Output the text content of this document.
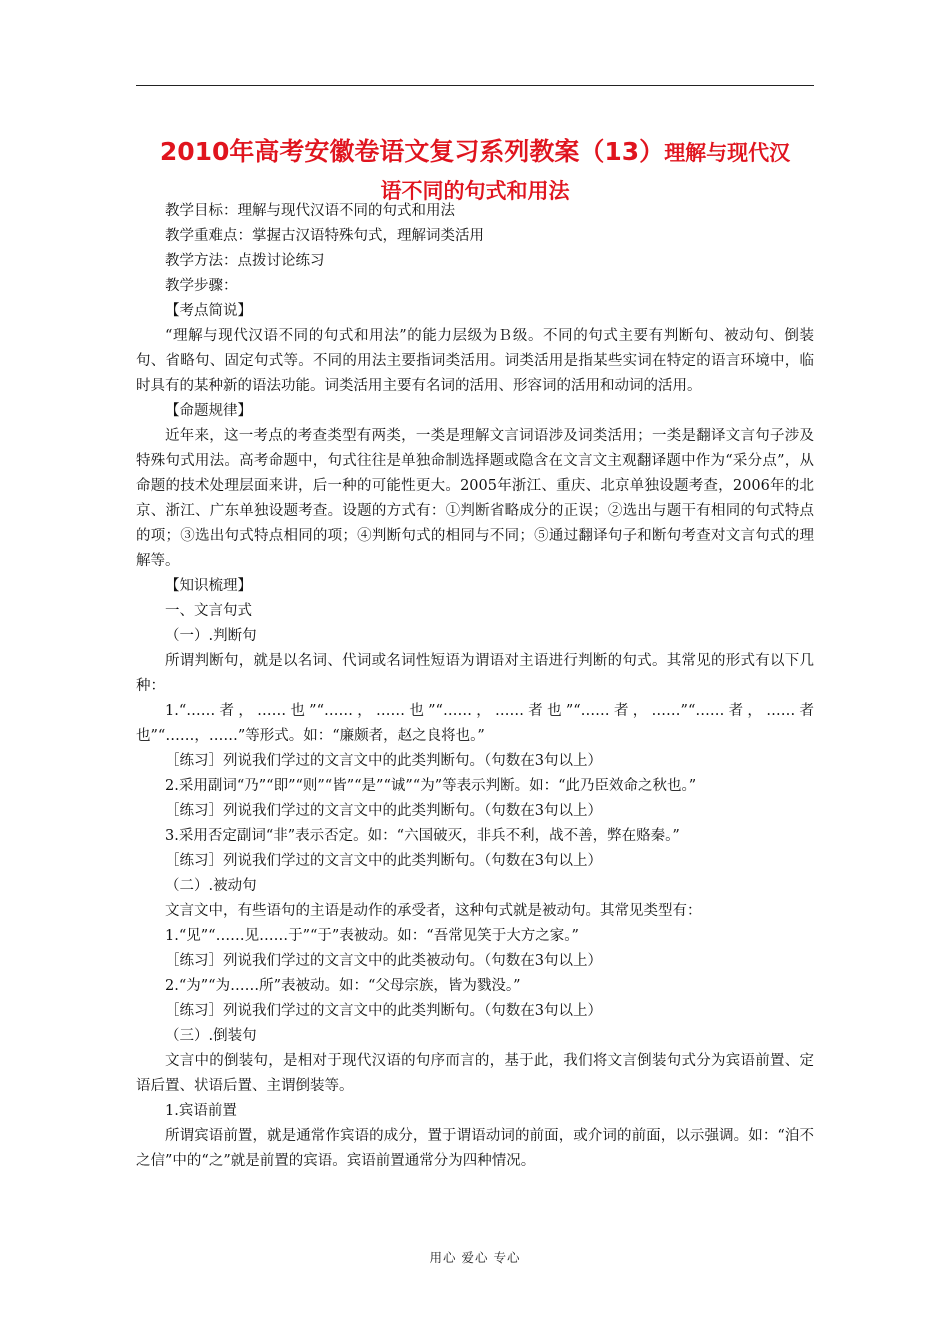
2010年高考安徽卷语文复习系列教案（13）理解与现代汉
语不同的句式和用法

教学目标：理解与现代汉语不同的句式和用法

教学重难点：掌握古汉语特殊句式，理解词类活用

教学方法：点拨讨论练习

教学步骤：

【考点简说】

“理解与现代汉语不同的句式和用法”的能力层级为Ｂ级。不同的句式主要有判断句、被动句、倒装句、省略句、固定句式等。不同的用法主要指词类活用。词类活用是指某些实词在特定的语言环境中，临时具有的某种新的语法功能。词类活用主要有名词的活用、形容词的活用和动词的活用。

【命题规律】

近年来，这一考点的考查类型有两类，一类是理解文言词语涉及词类活用；一类是翻译文言句子涉及特殊句式用法。高考命题中，句式往往是单独命制选择题或隐含在文言文主观翻译题中作为“采分点”，从命题的技术处理层面来讲，后一种的可能性更大。2005年浙江、重庆、北京单独设题考查，2006年的北京、浙江、广东单独设题考查。设题的方式有：①判断省略成分的正误；②选出与题干有相同的句式特点的项；③选出句式特点相同的项；④判断句式的相同与不同；⑤通过翻译句子和断句考查对文言句式的理解等。

【知识梳理】

一、文言句式

（一）.判断句

所谓判断句，就是以名词、代词或名词性短语为谓语对主语进行判断的句式。其常见的形式有以下几种：

1.“……者，……也”“……，……也”“……，……者也”“……者，……”“……者，……者也”“……，……”等形式。如：“廉颇者，赵之良将也。”

［练习］列说我们学过的文言文中的此类判断句。（句数在3句以上）

2.采用副词“乃”“即”“则”“皆”“是”“诚”“为”等表示判断。如：“此乃臣效命之秋也。”

［练习］列说我们学过的文言文中的此类判断句。（句数在3句以上）

3.采用否定副词“非”表示否定。如：“六国破灭，非兵不利，战不善，弊在赂秦。”

［练习］列说我们学过的文言文中的此类判断句。（句数在3句以上）

（二）.被动句

文言文中，有些语句的主语是动作的承受者，这种句式就是被动句。其常见类型有：

1.“见”“……见……于”“于”表被动。如：“吾常见笑于大方之家。”

［练习］列说我们学过的文言文中的此类被动句。（句数在3句以上）

2.“为”“为……所”表被动。如：“父母宗族，皆为戮没。”

［练习］列说我们学过的文言文中的此类判断句。（句数在3句以上）

（三）.倒装句

文言中的倒装句，是相对于现代汉语的句序而言的，基于此，我们将文言倒装句式分为宾语前置、定语后置、状语后置、主谓倒装等。

1.宾语前置

所谓宾语前置，就是通常作宾语的成分，置于谓语动词的前面，或介词的前面，以示强调。如：“洎不之信”中的“之”就是前置的宾语。宾语前置通常分为四种情况。

用心 爱心 专心
